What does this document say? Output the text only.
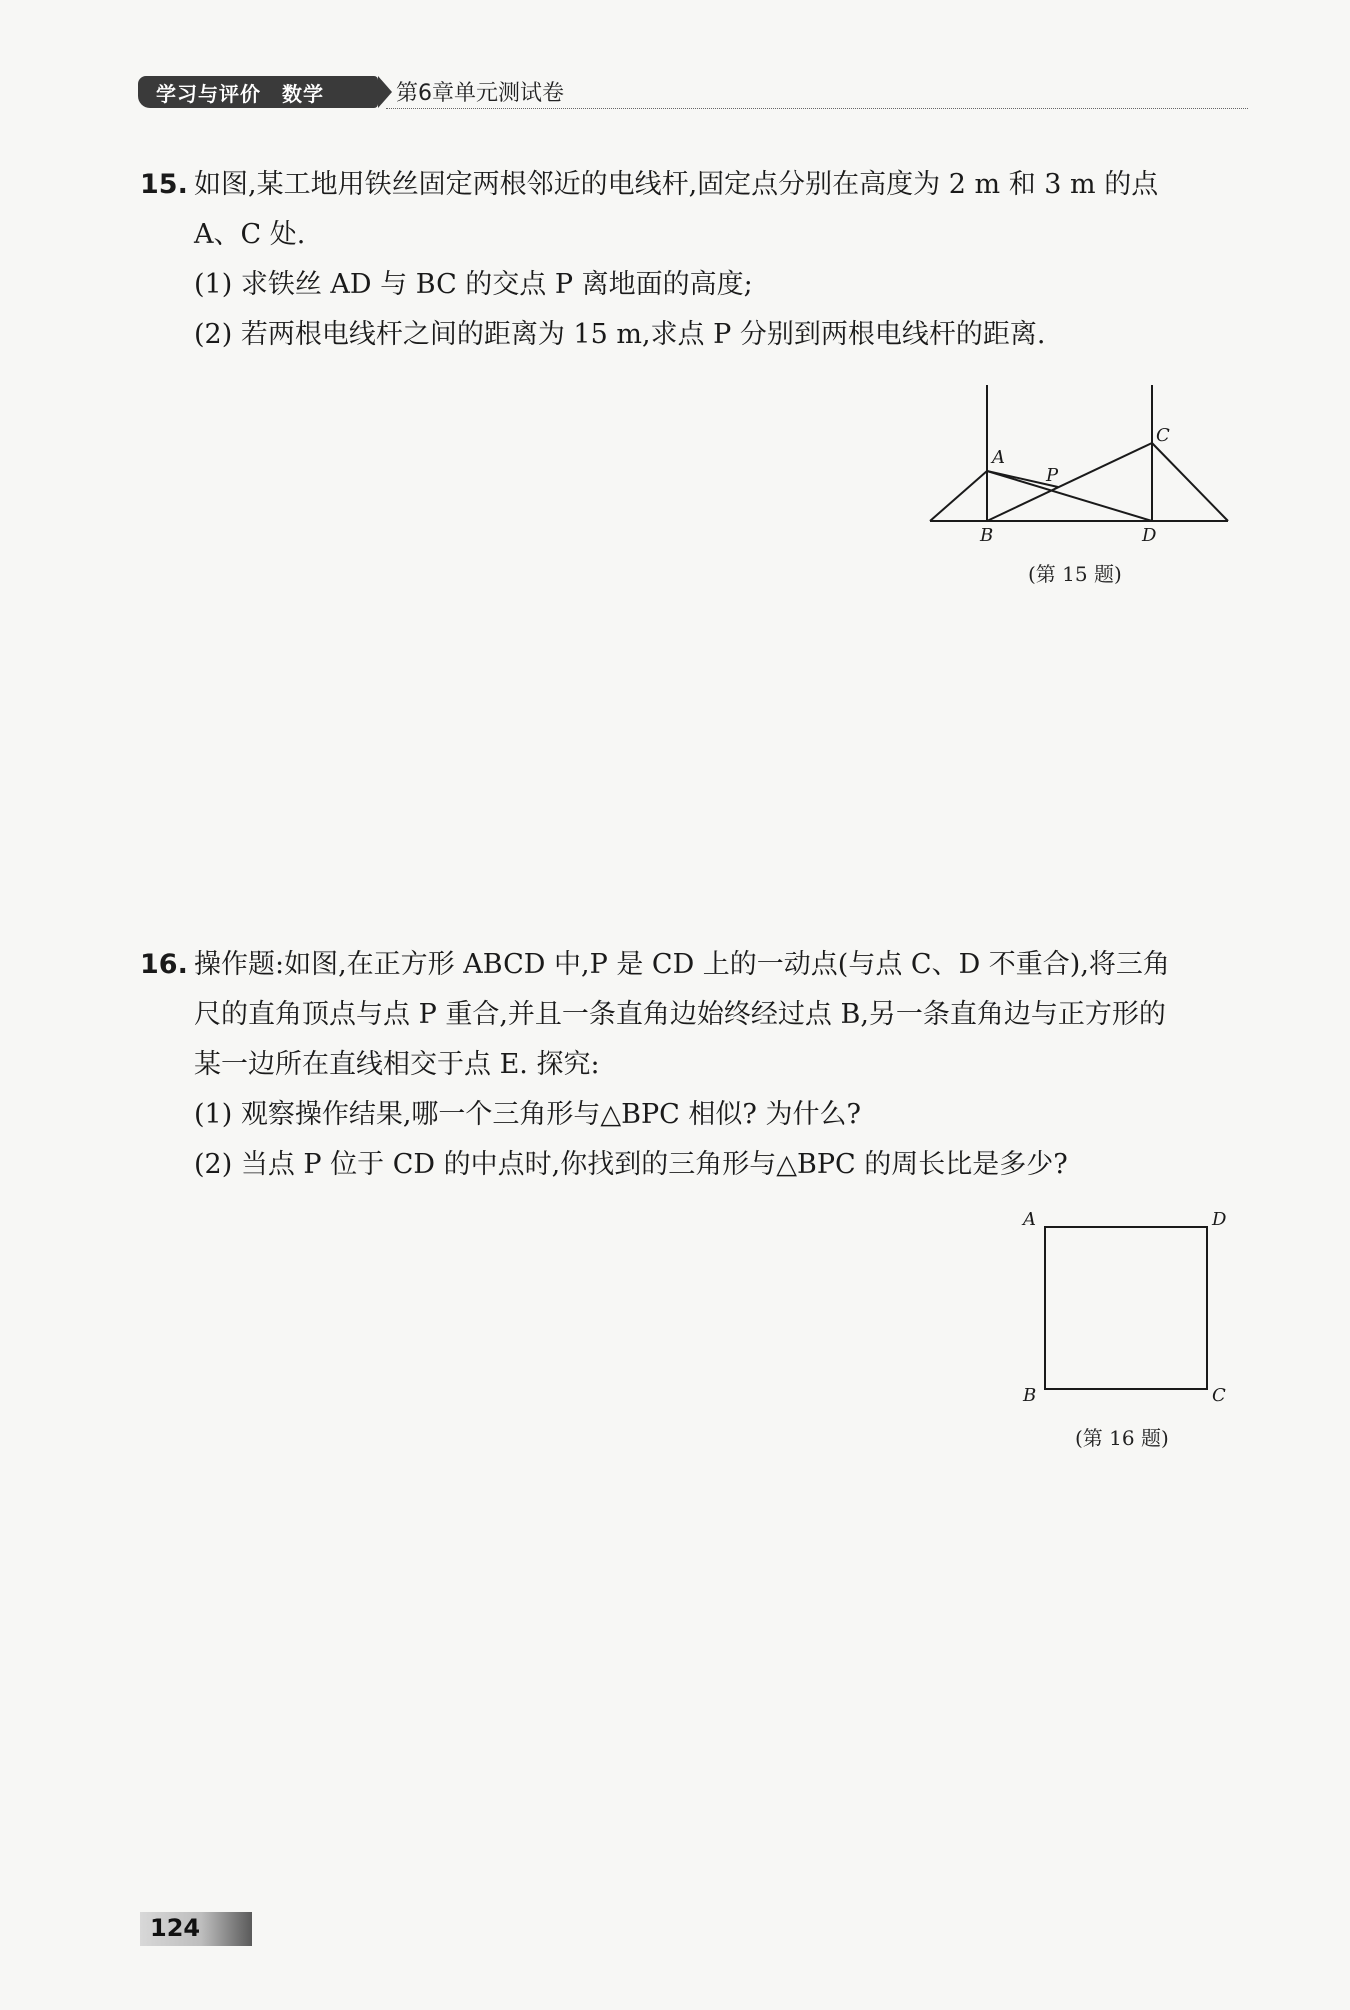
学习与评价　数学	第6章单元测试卷
15. 如图,某工地用铁丝固定两根邻近的电线杆,固定点分别在高度为 2 m 和 3 m 的点
A、C 处.
(1) 求铁丝 AD 与 BC 的交点 P 离地面的高度;
(2) 若两根电线杆之间的距离为 15 m,求点 P 分别到两根电线杆的距离.
A
P
C
B	D
(第 15 题)
16. 操作题:如图,在正方形 ABCD 中,P 是 CD 上的一动点(与点 C、D 不重合),将三角
尺的直角顶点与点 P 重合,并且一条直角边始终经过点 B,另一条直角边与正方形的
某一边所在直线相交于点 E. 探究:
(1) 观察操作结果,哪一个三角形与△BPC 相似? 为什么?
(2) 当点 P 位于 CD 的中点时,你找到的三角形与△BPC 的周长比是多少?
A	D
B	C
(第 16 题)
124
